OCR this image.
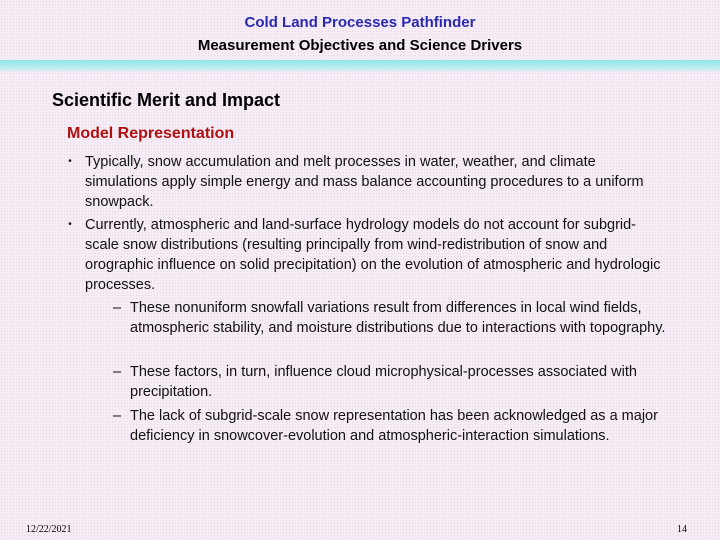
Cold Land Processes Pathfinder
Measurement Objectives and Science Drivers
Scientific Merit and Impact
Model Representation
• Typically, snow accumulation and melt processes in water, weather, and climate simulations apply simple energy and mass balance accounting procedures to a uniform snowpack.
• Currently, atmospheric and land-surface hydrology models do not account for subgrid-scale snow distributions (resulting principally from wind-redistribution of snow and orographic influence on solid precipitation) on the evolution of atmospheric and hydrologic processes.
– These nonuniform snowfall variations result from differences in local wind fields, atmospheric stability, and moisture distributions due to interactions with topography.
– These factors, in turn, influence cloud microphysical-processes associated with precipitation.
– The lack of subgrid-scale snow representation has been acknowledged as a major deficiency in snowcover-evolution and atmospheric-interaction simulations.
12/22/2021	14
